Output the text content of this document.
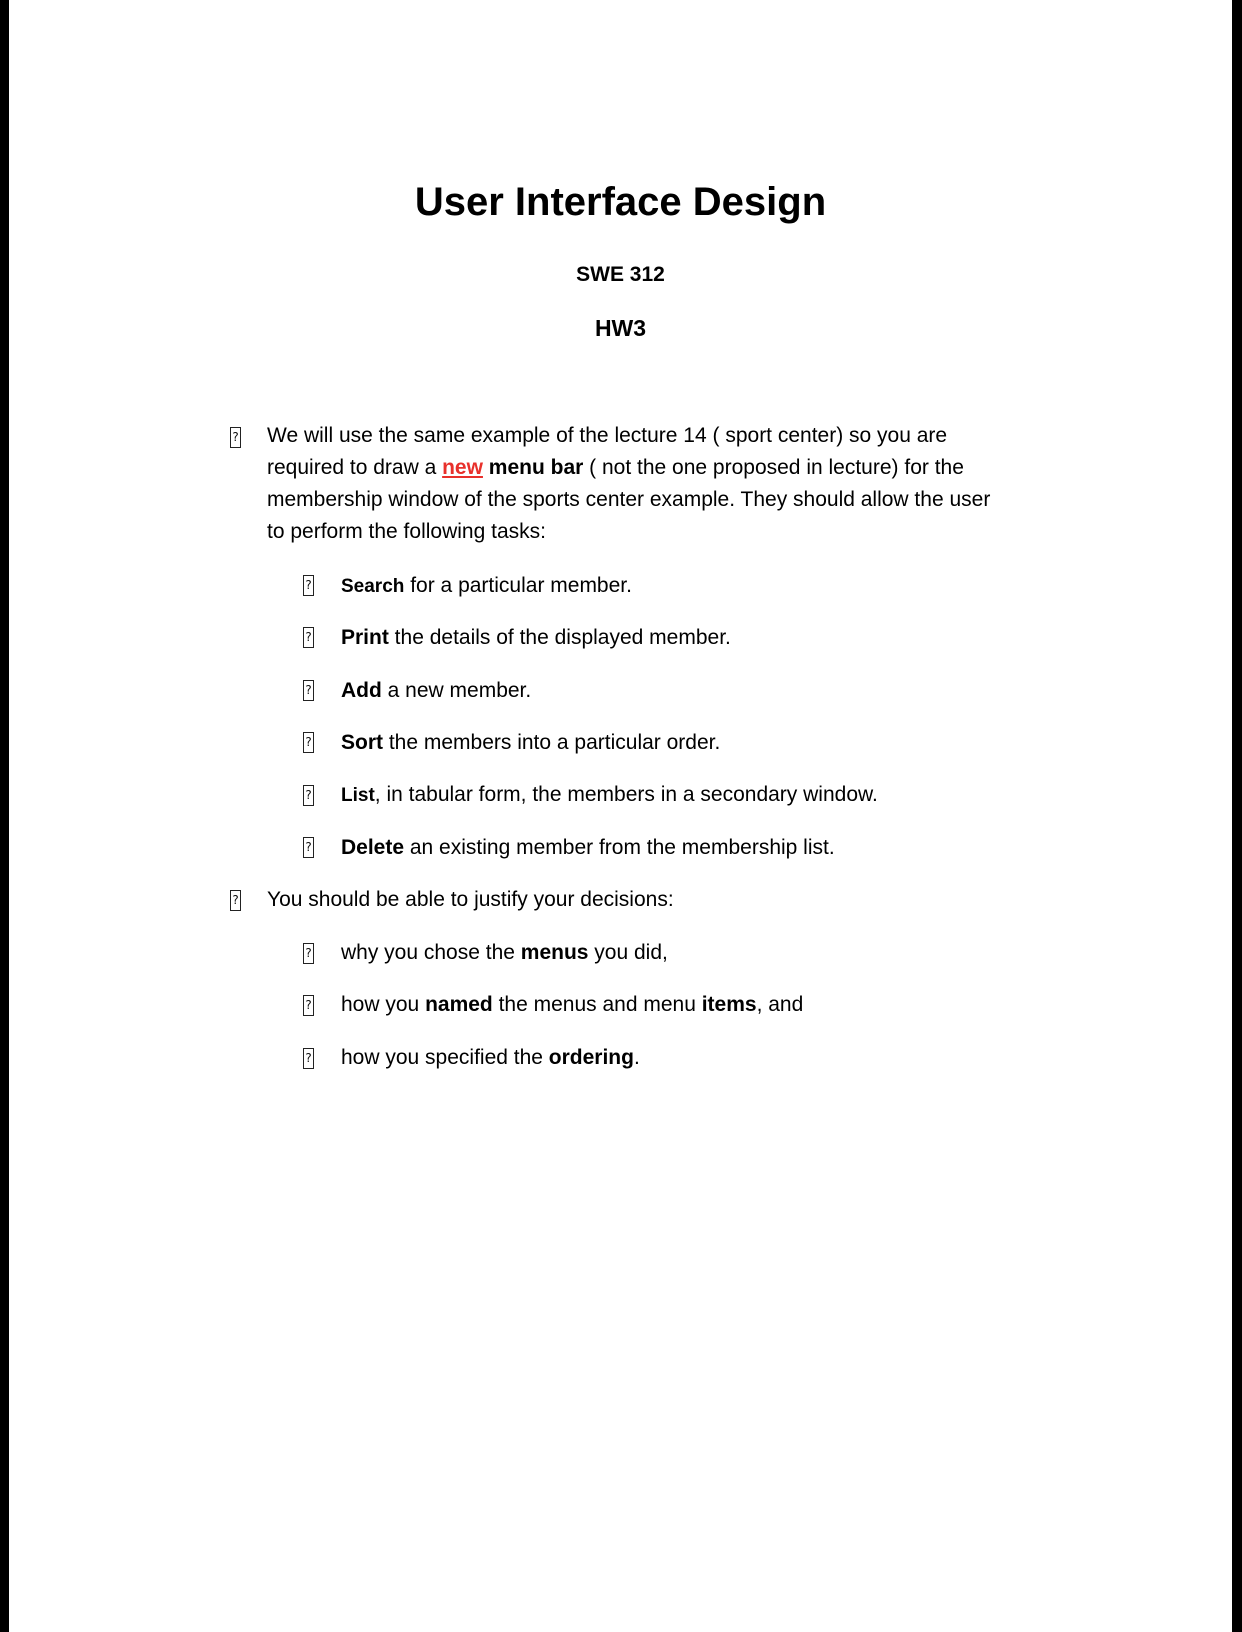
User Interface Design

SWE 312

HW3

? We will use the same example of the lecture 14 ( sport center) so you are required to draw a new menu bar ( not the one proposed in lecture) for the membership window of the sports center example. They should allow the user to perform the following tasks:

? Search for a particular member.

? Print the details of the displayed member.

? Add a new member.

? Sort the members into a particular order.

? List, in tabular form, the members in a secondary window.

? Delete an existing member from the membership list.

? You should be able to justify your decisions:

? why you chose the menus you did,

? how you named the menus and menu items, and

? how you specified the ordering.
